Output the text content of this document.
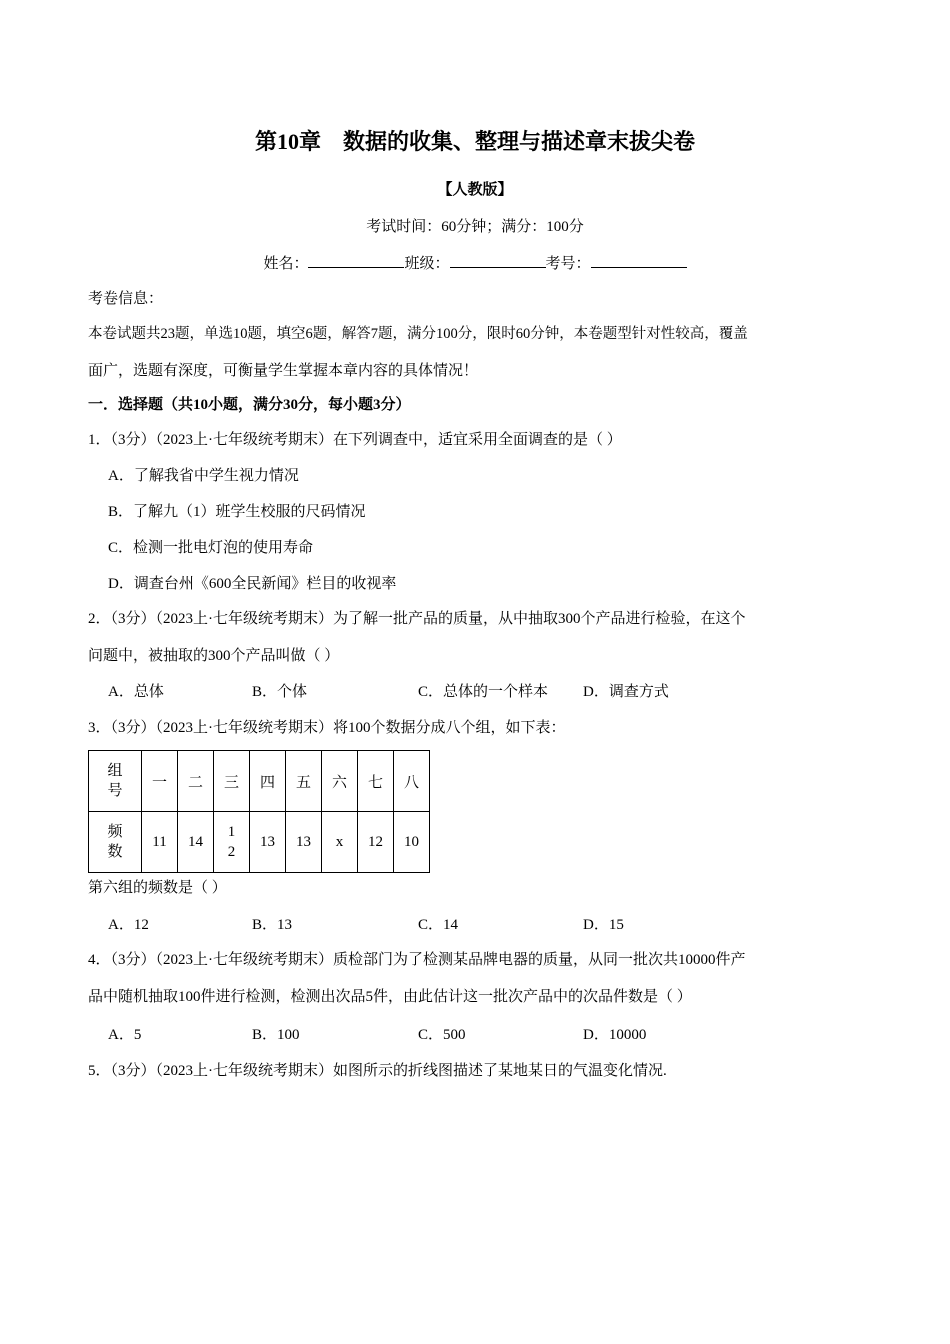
第10章    数据的收集、整理与描述章末拔尖卷
【人教版】
考试时间：60分钟；满分：100分
姓名：	班级：	考号：
考卷信息：
本卷试题共23题，单选10题，填空6题，解答7题，满分100分，限时60分钟，本卷题型针对性较高，覆盖
面广，选题有深度，可衡量学生掌握本章内容的具体情况！
一．选择题（共10小题，满分30分，每小题3分）
1．（3分）（2023上·七年级统考期末）在下列调查中，适宜采用全面调查的是（ ）
A．了解我省中学生视力情况
B．了解九（1）班学生校服的尺码情况
C．检测一批电灯泡的使用寿命
D．调查台州《600全民新闻》栏目的收视率
2．（3分）（2023上·七年级统考期末）为了解一批产品的质量，从中抽取300个产品进行检验，在这个
问题中，被抽取的300个产品叫做（ ）
A．总体	B．个体	C．总体的一个样本 D．调查方式
3．（3分）（2023上·七年级统考期末）将100个数据分成八个组，如下表：
组
号	一	二	三	四	五	六	七	八
频
数	11	14	1
2	13	13	x	12	10
第六组的频数是（ ）
A．12	B．13	C．14	D．15
4．（3分）（2023上·七年级统考期末）质检部门为了检测某品牌电器的质量，从同一批次共10000件产
品中随机抽取100件进行检测，检测出次品5件，由此估计这一批次产品中的次品件数是（ ）
A．5	B．100	C．500	D．10000
5．（3分）（2023上·七年级统考期末）如图所示的折线图描述了某地某日的气温变化情况.
